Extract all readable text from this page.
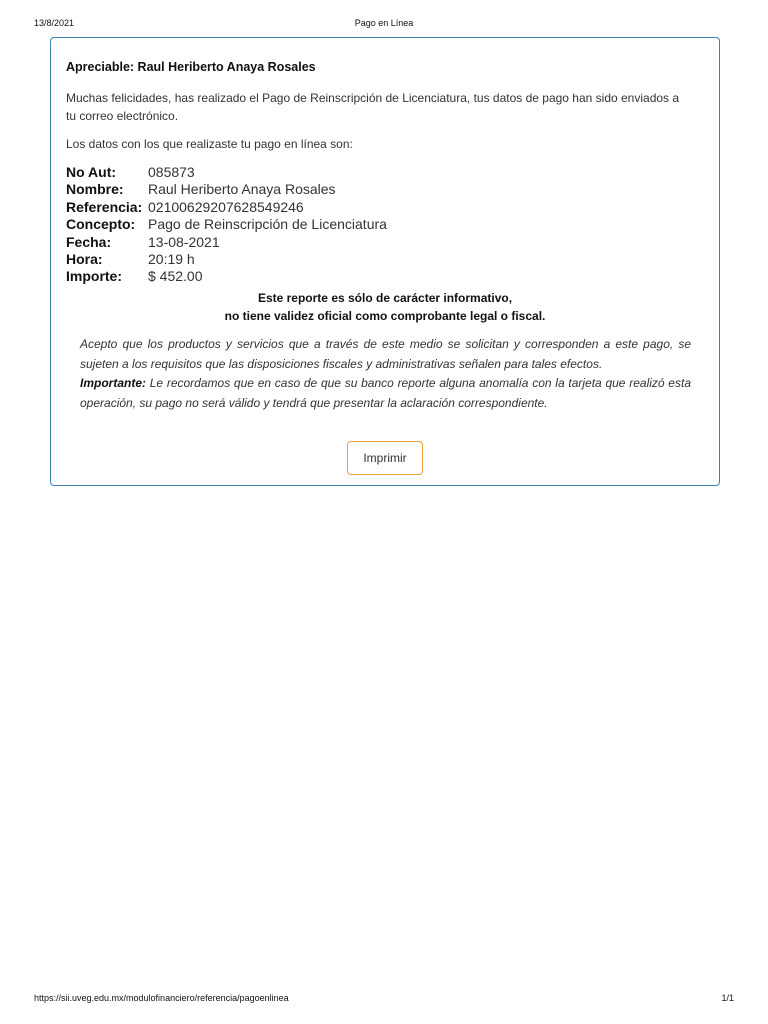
13/8/2021	Pago en Línea
Apreciable: Raul Heriberto Anaya Rosales
Muchas felicidades, has realizado el Pago de Reinscripción de Licenciatura, tus datos de pago han sido enviados a tu correo electrónico.
Los datos con los que realizaste tu pago en línea son:
No Aut: 085873
Nombre: Raul Heriberto Anaya Rosales
Referencia: 02100629207628549246
Concepto: Pago de Reinscripción de Licenciatura
Fecha:	13-08-2021
Hora:	20:19 h
Importe: $ 452.00
Este reporte es sólo de carácter informativo,
no tiene validez oficial como comprobante legal o fiscal.
Acepto que los productos y servicios que a través de este medio se solicitan y corresponden a este pago, se sujeten a los requisitos que las disposiciones fiscales y administrativas señalen para tales efectos.
Importante: Le recordamos que en caso de que su banco reporte alguna anomalía con la tarjeta que realizó esta operación, su pago no será válido y tendrá que presentar la aclaración correspondiente.
Imprimir
https://sii.uveg.edu.mx/modulofinanciero/referencia/pagoenlinea	1/1
